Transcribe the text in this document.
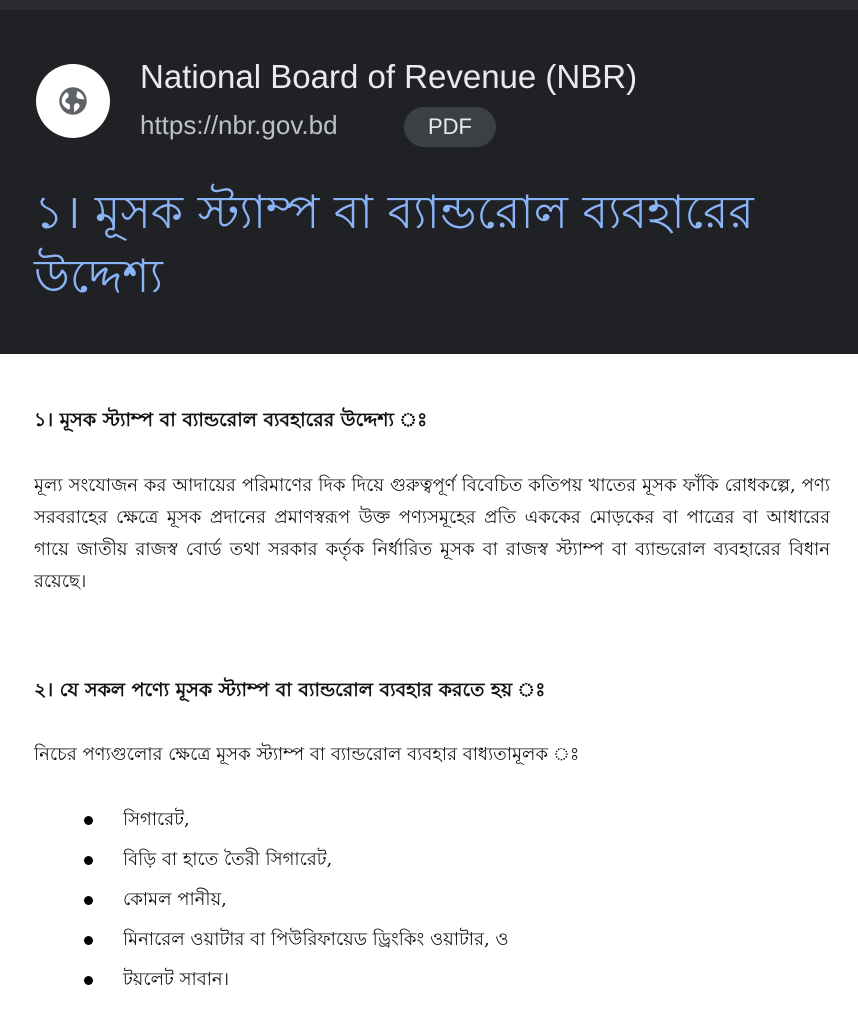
National Board of Revenue (NBR)
https://nbr.gov.bd	PDF
১। মূসক স্ট্যাম্প বা ব্যান্ডরোল ব্যবহারের উদ্দেশ্য
১। মূসক স্ট্যাম্প বা ব্যান্ডরোল ব্যবহারের উদ্দেশ্য ঃ

মূল্য সংযোজন কর আদায়ের পরিমাণের দিক দিয়ে গুরুত্বপূর্ণ বিবেচিত কতিপয় খাতের মূসক ফাঁকি রোধকল্পে, পণ্য সরবরাহের ক্ষেত্রে মূসক প্রদানের প্রমাণস্বরূপ উক্ত পণ্যসমূহের প্রতি এককের মোড়কের বা পাত্রের বা আধারের গায়ে জাতীয় রাজস্ব বোর্ড তথা সরকার কর্তৃক নির্ধারিত মূসক বা রাজস্ব স্ট্যাম্প বা ব্যান্ডরোল ব্যবহারের বিধান রয়েছে।

২। যে সকল পণ্যে মূসক স্ট্যাম্প বা ব্যান্ডরোল ব্যবহার করতে হয় ঃ
নিচের পণ্যগুলোর ক্ষেত্রে মূসক স্ট্যাম্প বা ব্যান্ডরোল ব্যবহার বাধ্যতামূলক ঃ
সিগারেট,
বিড়ি বা হাতে তৈরী সিগারেট,
কোমল পানীয়,
মিনারেল ওয়াটার বা পিউরিফায়েড ড্রিংকিং ওয়াটার, ও
টয়লেট সাবান।
